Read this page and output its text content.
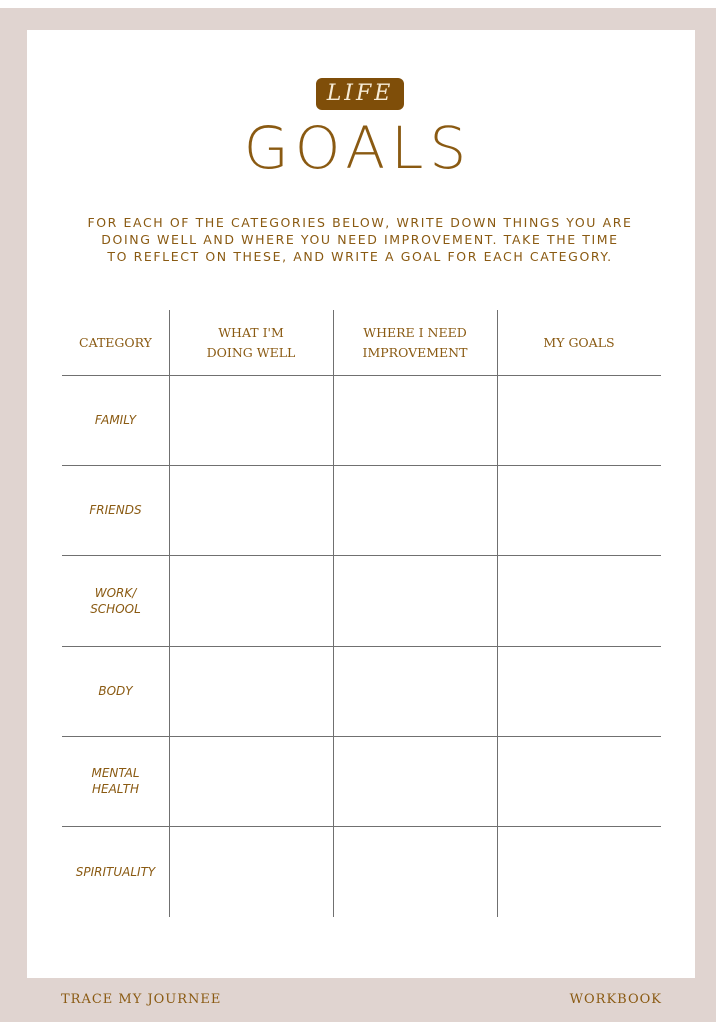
LIFE
GOALS
FOR EACH OF THE CATEGORIES BELOW, WRITE DOWN THINGS YOU ARE
DOING WELL AND WHERE YOU NEED IMPROVEMENT. TAKE THE TIME
TO REFLECT ON THESE, AND WRITE A GOAL FOR EACH CATEGORY.
CATEGORY
WHAT I'M
DOING WELL
WHERE I NEED
IMPROVEMENT
MY GOALS
FAMILY
FRIENDS
WORK/
SCHOOL
BODY
MENTAL
HEALTH
SPIRITUALITY
TRACE MY JOURNEE	WORKBOOK
